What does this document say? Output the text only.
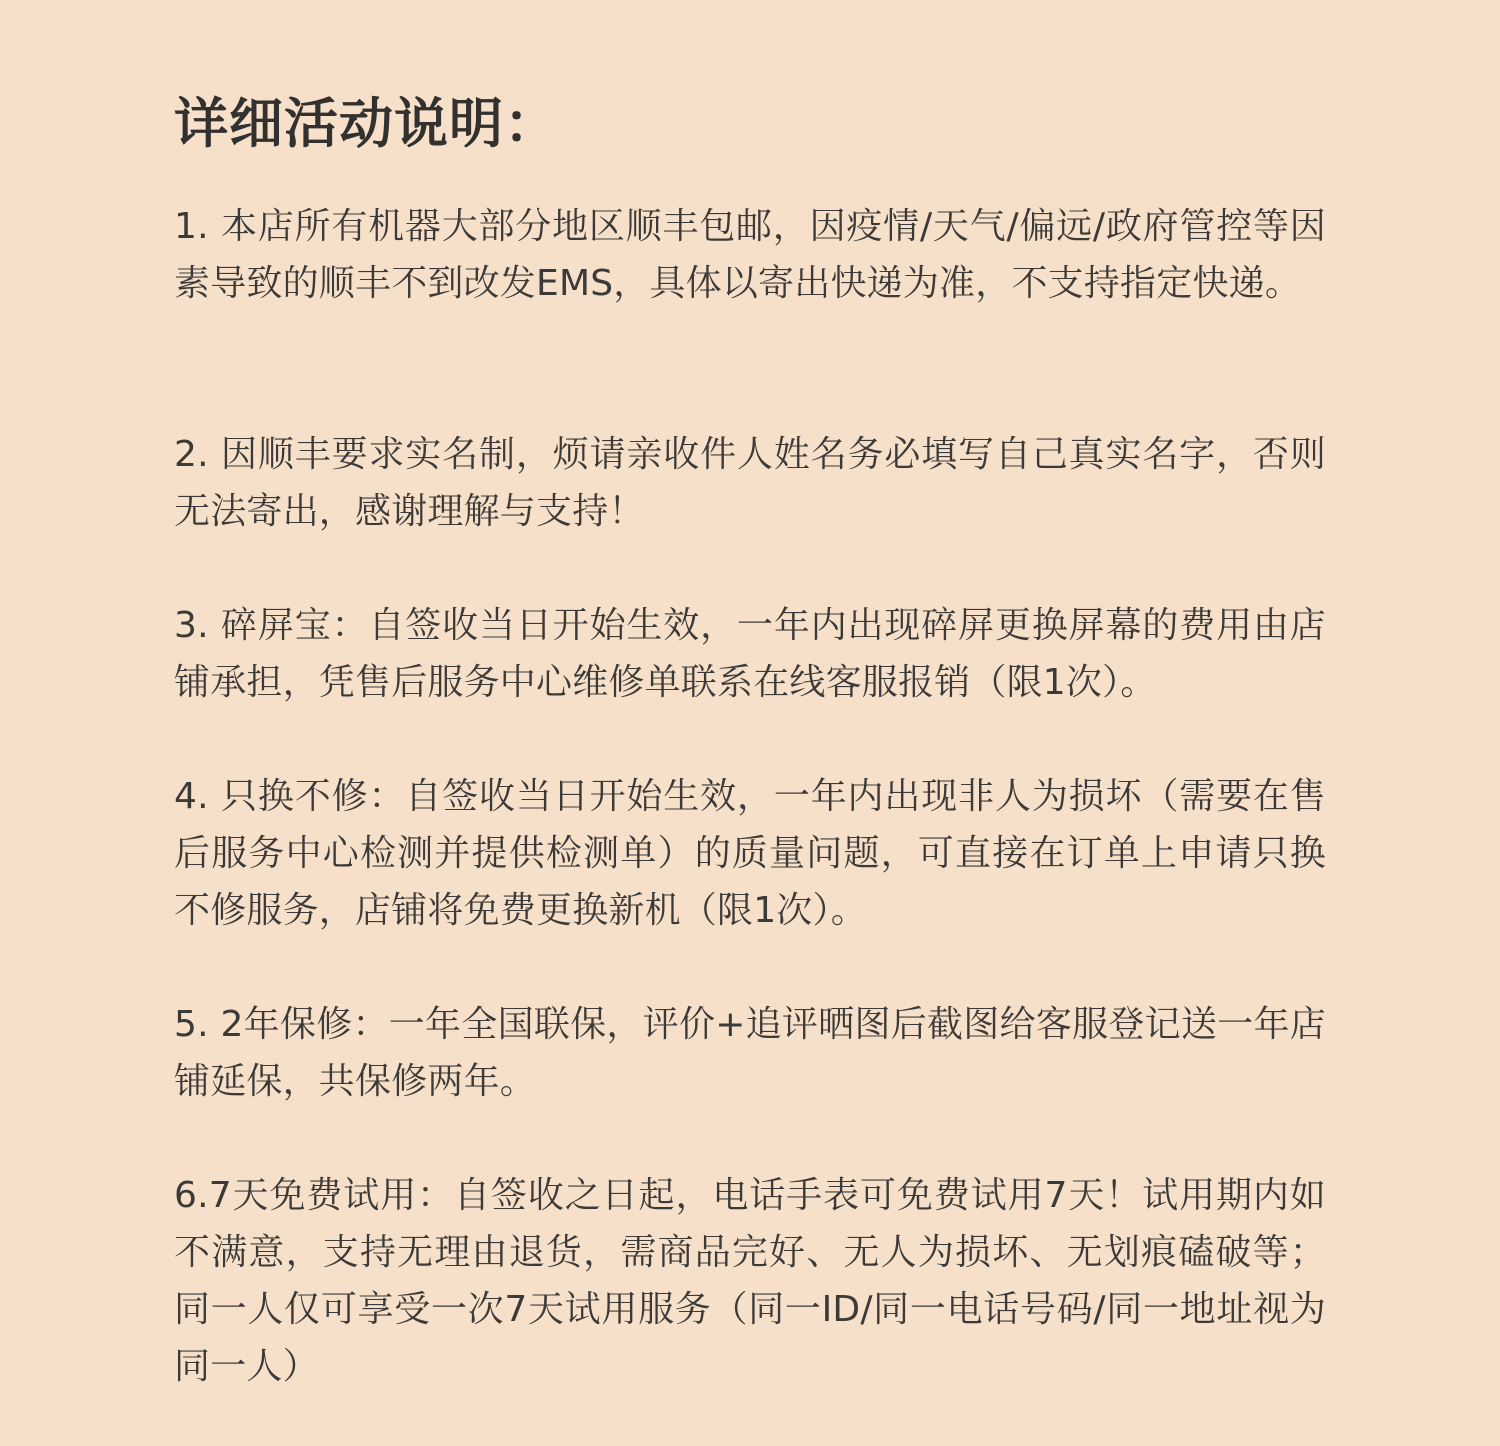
详细活动说明：

1. 本店所有机器大部分地区顺丰包邮，因疫情/天气/偏远/政府管控等因素导致的顺丰不到改发EMS，具体以寄出快递为准，不支持指定快递。

2. 因顺丰要求实名制，烦请亲收件人姓名务必填写自己真实名字，否则无法寄出，感谢理解与支持！

3. 碎屏宝：自签收当日开始生效，一年内出现碎屏更换屏幕的费用由店铺承担，凭售后服务中心维修单联系在线客服报销（限1次）。

4. 只换不修：自签收当日开始生效，一年内出现非人为损坏（需要在售后服务中心检测并提供检测单）的质量问题，可直接在订单上申请只换不修服务，店铺将免费更换新机（限1次）。

5. 2年保修：一年全国联保，评价+追评晒图后截图给客服登记送一年店铺延保，共保修两年。

6.7天免费试用：自签收之日起，电话手表可免费试用7天！试用期内如不满意，支持无理由退货，需商品完好、无人为损坏、无划痕磕破等；同一人仅可享受一次7天试用服务（同一ID/同一电话号码/同一地址视为同一人）
